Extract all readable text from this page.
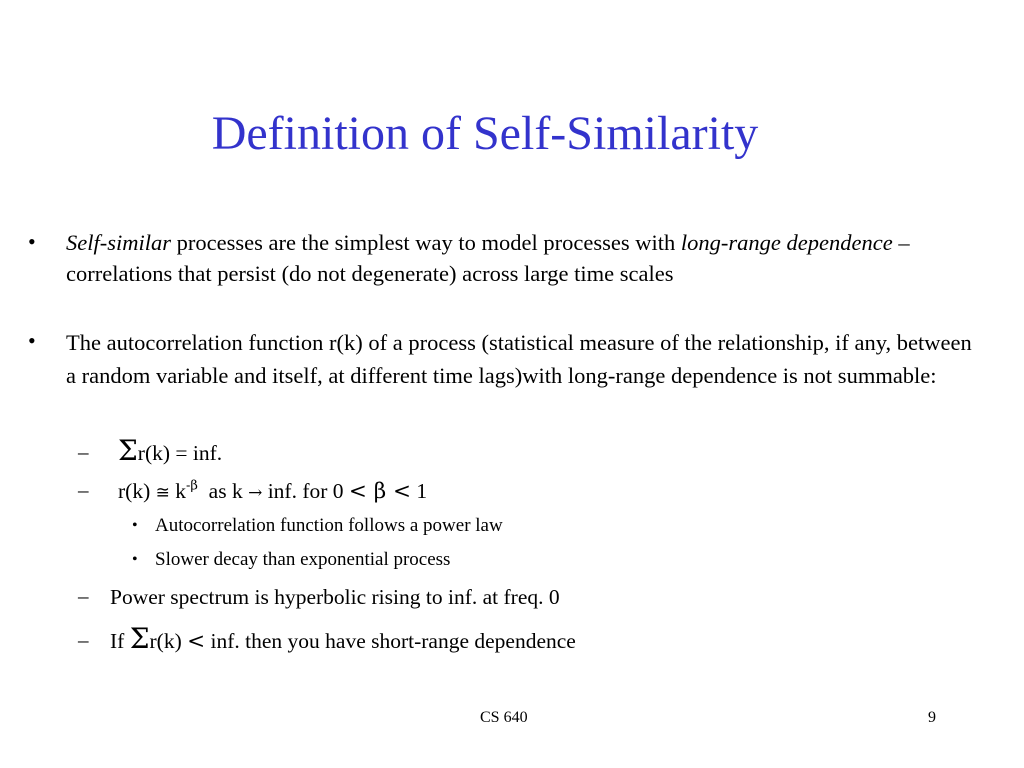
Definition of Self-Similarity
• Self-similar processes are the simplest way to model processes with long-range dependence – correlations that persist (do not degenerate) across large time scales
• The autocorrelation function r(k) of a process (statistical measure of the relationship, if any, between a random variable and itself, at different time lags)with long-range dependence is not summable:
– Σr(k) = inf.
– r(k) ≅ $k^{-\beta}$  as k → inf. for 0 < β < 1
• Autocorrelation function follows a power law
• Slower decay than exponential process
– Power spectrum is hyperbolic rising to inf. at freq. 0
– If Σr(k) < inf. then you have short-range dependence
CS 640	9
